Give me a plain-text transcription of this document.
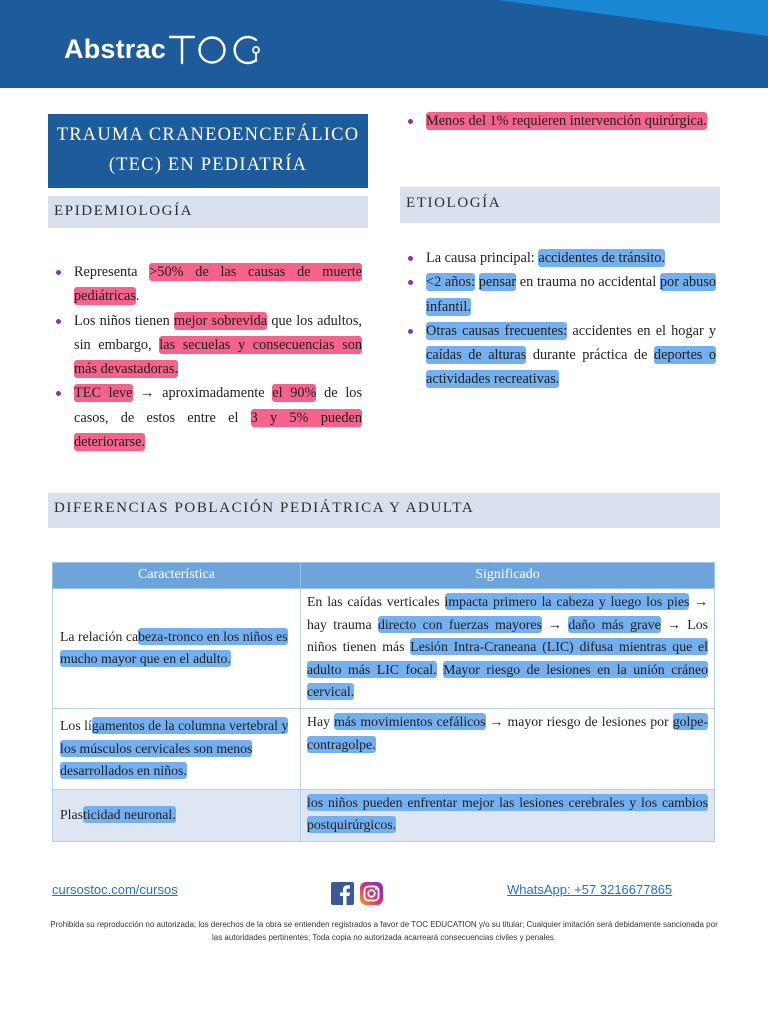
Abstrac
TRAUMA CRANEOENCEFÁLICO
(TEC) EN PEDIATRÍA
EPIDEMIOLOGÍA
Representa >50% de las causas de muerte pediátricas.
Los niños tienen mejor sobrevida que los adultos, sin embargo, las secuelas y consecuencias son más devastadoras.
TEC leve → aproximadamente el 90% de los casos, de estos entre el 3 y 5% pueden deteriorarse.
Menos del 1% requieren intervención quirúrgica.
ETIOLOGÍA
La causa principal: accidentes de tránsito.
<2 años: pensar en trauma no accidental por abuso infantil.
Otras causas frecuentes: accidentes en el hogar y caídas de alturas durante práctica de deportes o actividades recreativas.
DIFERENCIAS POBLACIÓN PEDIÁTRICA Y ADULTA
Característica	Significado
La relación cabeza-tronco en los niños es mucho mayor que en el adulto.	En las caídas verticales impacta primero la cabeza y luego los pies → hay trauma directo con fuerzas mayores → daño más grave → Los niños tienen más Lesión Intra-Craneana (LIC) difusa mientras que el adulto más LIC focal. Mayor riesgo de lesiones en la unión cráneo cervical.
Los lígamentos de la columna vertebral y los músculos cervicales son menos desarrollados en niños.	Hay más movimientos cefálicos → mayor riesgo de lesiones por golpe-contragolpe.
Plasticidad neuronal.	los niños pueden enfrentar mejor las lesiones cerebrales y los cambios postquirúrgicos.
cursostoc.com/cursos	WhatsApp: +57 3216677865
Prohibida su reproducción no autorizada; los derechos de la obra se entienden registrados a favor de TOC EDUCATION y/o su titular; Cualquier imitación será debidamente sancionada por las autoridades pertinentes; Toda copia no autorizada acarreará consecuencias civiles y penales.
